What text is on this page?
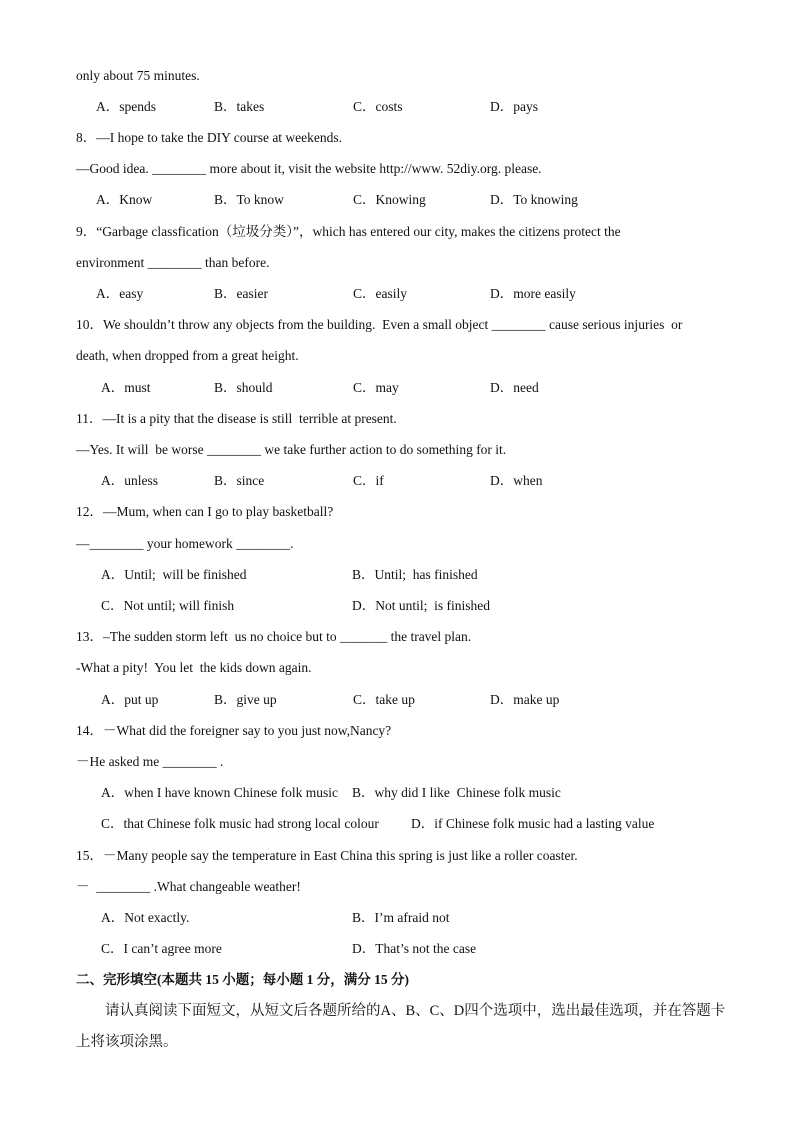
only about 75 minutes.
A．spends	B．takes	C．costs	D．pays
8．—I hope to take the DIY course at weekends.
—Good idea. ________ more about it, visit the website http://www. 52diy.org. please.
A．Know	B．To know	C．Knowing	D．To knowing
9．“Garbage classfication（垃圾分类）”，which has entered our city, makes the citizens protect the
environment ________ than before.
A．easy	B．easier	C．easily	D．more easily
10．We shouldn’t throw any objects from the building.  Even a small object ________ cause serious injuries  or
death, when dropped from a great height.
A．must	B．should	C．may	D．need
11．—It is a pity that the disease is still  terrible at present.
—Yes. It will  be worse ________ we take further action to do something for it.
A．unless	B．since	C．if	D．when
12．—Mum, when can I go to play basketball?
—________ your homework ________.
A．Until;  will be finished	B．Until;  has finished
C．Not until; will finish	D．Not until;  is finished
13．–The sudden storm left  us no choice but to _______ the travel plan.
-What a pity!  You let  the kids down again.
A．put up	B．give up	C．take up	D．make up
14．－What did the foreigner say to you just now,Nancy?
－He asked me ________ .
A．when I have known Chinese folk music B．why did I like  Chinese folk music
C．that Chinese folk music had strong local colour D．if Chinese folk music had a lasting value
15．－Many people say the temperature in East China this spring is just like a roller coaster.
－  ________ .What changeable weather!
A．Not exactly.	B．I’m afraid not
C．I can’t agree more	D．That’s not the case
二、完形填空(本题共 15 小题；每小题 1 分，满分 15 分)
请认真阅读下面短文，从短文后各题所给的A、B、C、D四个选项中，选出最佳选项，并在答题卡上将该项涂黑。
